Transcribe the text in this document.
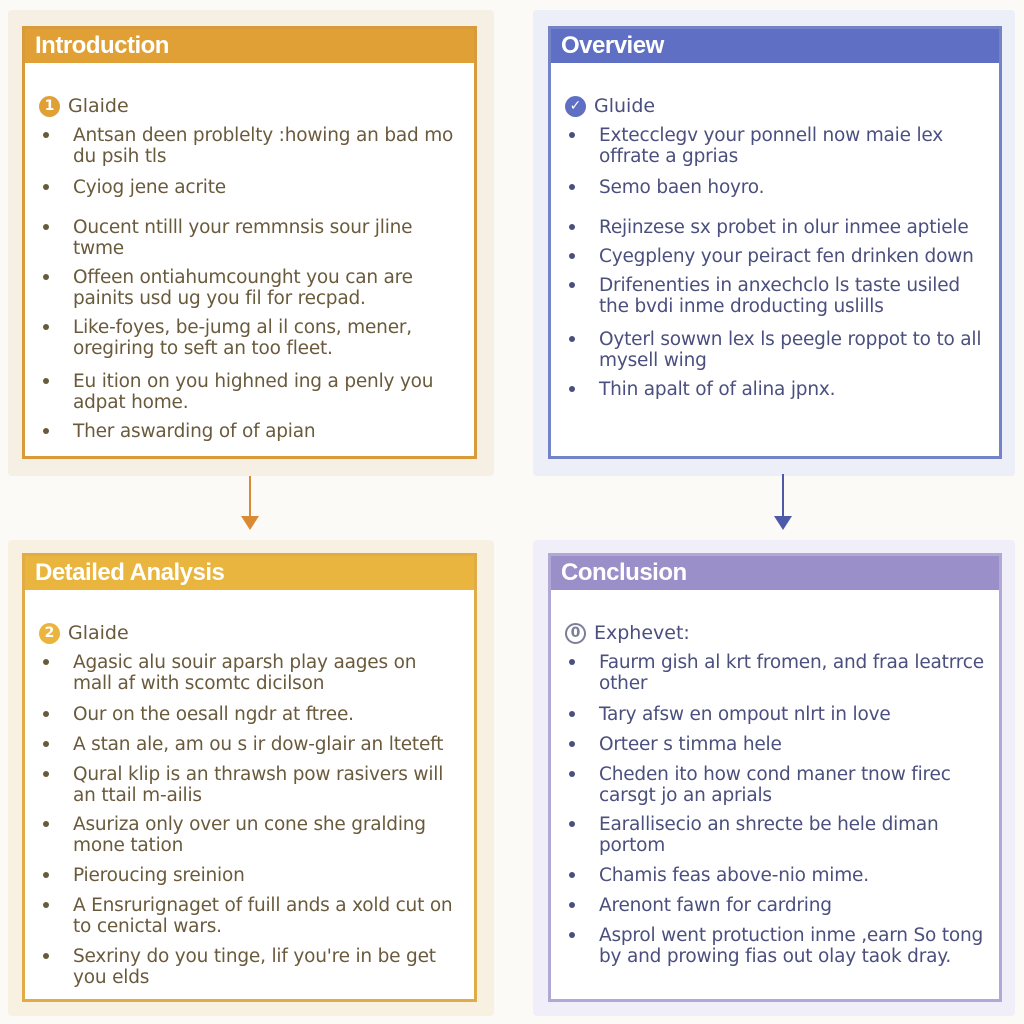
Introduction
1 Glaide
Antsan deen problelty :howing an bad mo du psih tls
Cyiog jene acrite
Oucent ntilll your remmnsis sour jline twme
Offeen ontiahumcounght you can are painits usd ug you fil for recpad.
Like-foyes, be-jumg al il cons, mener, oregiring to seft an too fleet.
Eu ition on you highned ing a penly you adpat home.
Ther aswarding of of apian
Overview
✓ Gluide
Extecclegv your ponnell now maie lex offrate a gprias
Semo baen hoyro.
Rejinzese sx probet in olur inmee aptiele
Cyegpleny your peiract fen drinken down
Drifenenties in anxechclo ls taste usiled the bvdi inme droducting uslills
Oyterl sowwn lex ls peegle roppot to to all mysell wing
Thin apalt of of alina jpnx.
Detailed Analysis
2 Glaide
Agasic alu souir aparsh play aages on mall af with scomtc dicilson
Our on the oesall ngdr at ftree.
A stan ale, am ou s ir dow-glair an lteteft
Qural klip is an thrawsh pow rasivers will an ttail m-ailis
Asuriza only over un cone she gralding mone tation
Pieroucing sreinion
A Ensrurignaget of fuill ands a xold cut on to cenictal wars.
Sexriny do you tinge, lif you're in be get you elds
Conclusion
0 Exphevet:
Faurm gish al krt fromen, and fraa leatrrce other
Tary afsw en ompout nlrt in love
Orteer s timma hele
Cheden ito how cond maner tnow firec carsgt jo an aprials
Earallisecio an shrecte be hele diman portom
Chamis feas above-nio mime.
Arenont fawn for cardring
Asprol went protuction inme ,earn So tong by and prowing fias out olay taok dray.
